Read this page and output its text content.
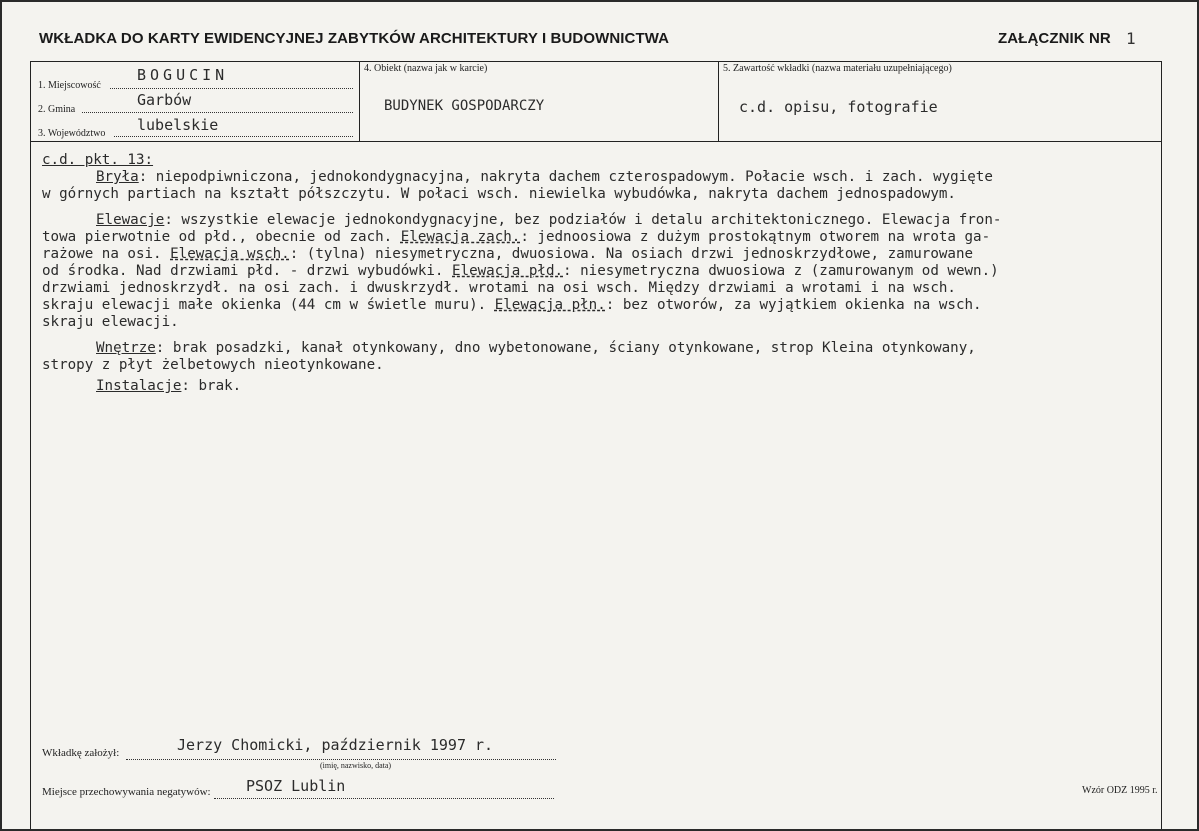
WKŁADKA DO KARTY EWIDENCYJNEJ ZABYTKÓW ARCHITEKTURY I BUDOWNICTWA	ZAŁĄCZNIK NR 1
1. Miejscowość
BOGUCIN
2. Gmina
Garbów
3. Województwo lubelskie
4. Obiekt (nazwa jak w karcie)
BUDYNEK GOSPODARCZY
5. Zawartość wkładki (nazwa materiału uzupełniającego)
c.d. opisu, fotografie
c.d. pkt. 13:
Bryła: niepodpiwniczona, jednokondygnacyjna, nakryta dachem czterospadowym. Połacie wsch. i zach. wygięte
w górnych partiach na kształt półszczytu. W połaci wsch. niewielka wybudówka, nakryta dachem jednospadowym.
Elewacje: wszystkie elewacje jednokondygnacyjne, bez podziałów i detalu architektonicznego. Elewacja fron-
towa pierwotnie od płd., obecnie od zach. Elewacja zach.: jednoosiowa z dużym prostokątnym otworem na wrota ga-
rażowe na osi. Elewacja wsch.: (tylna) niesymetryczna, dwuosiowa. Na osiach drzwi jednoskrzydłowe, zamurowane
od środka. Nad drzwiami płd. - drzwi wybudówki. Elewacja płd.: niesymetryczna dwuosiowa z (zamurowanym od wewn.)
drzwiami jednoskrzydł. na osi zach. i dwuskrzydł. wrotami na osi wsch. Między drzwiami a wrotami i na wsch.
skraju elewacji małe okienka (44 cm w świetle muru). Elewacja płn.: bez otworów, za wyjątkiem okienka na wsch.
skraju elewacji.
Wnętrze: brak posadzki, kanał otynkowany, dno wybetonowane, ściany otynkowane, strop Kleina otynkowany,
stropy z płyt żelbetowych nieotynkowane.
Instalacje: brak.
Wkładkę założył:	Jerzy Chomicki, październik 1997 r.
(imię, nazwisko, data)
Miejsce przechowywania negatywów: PSOZ Lublin	Wzór ODZ 1995 r.
